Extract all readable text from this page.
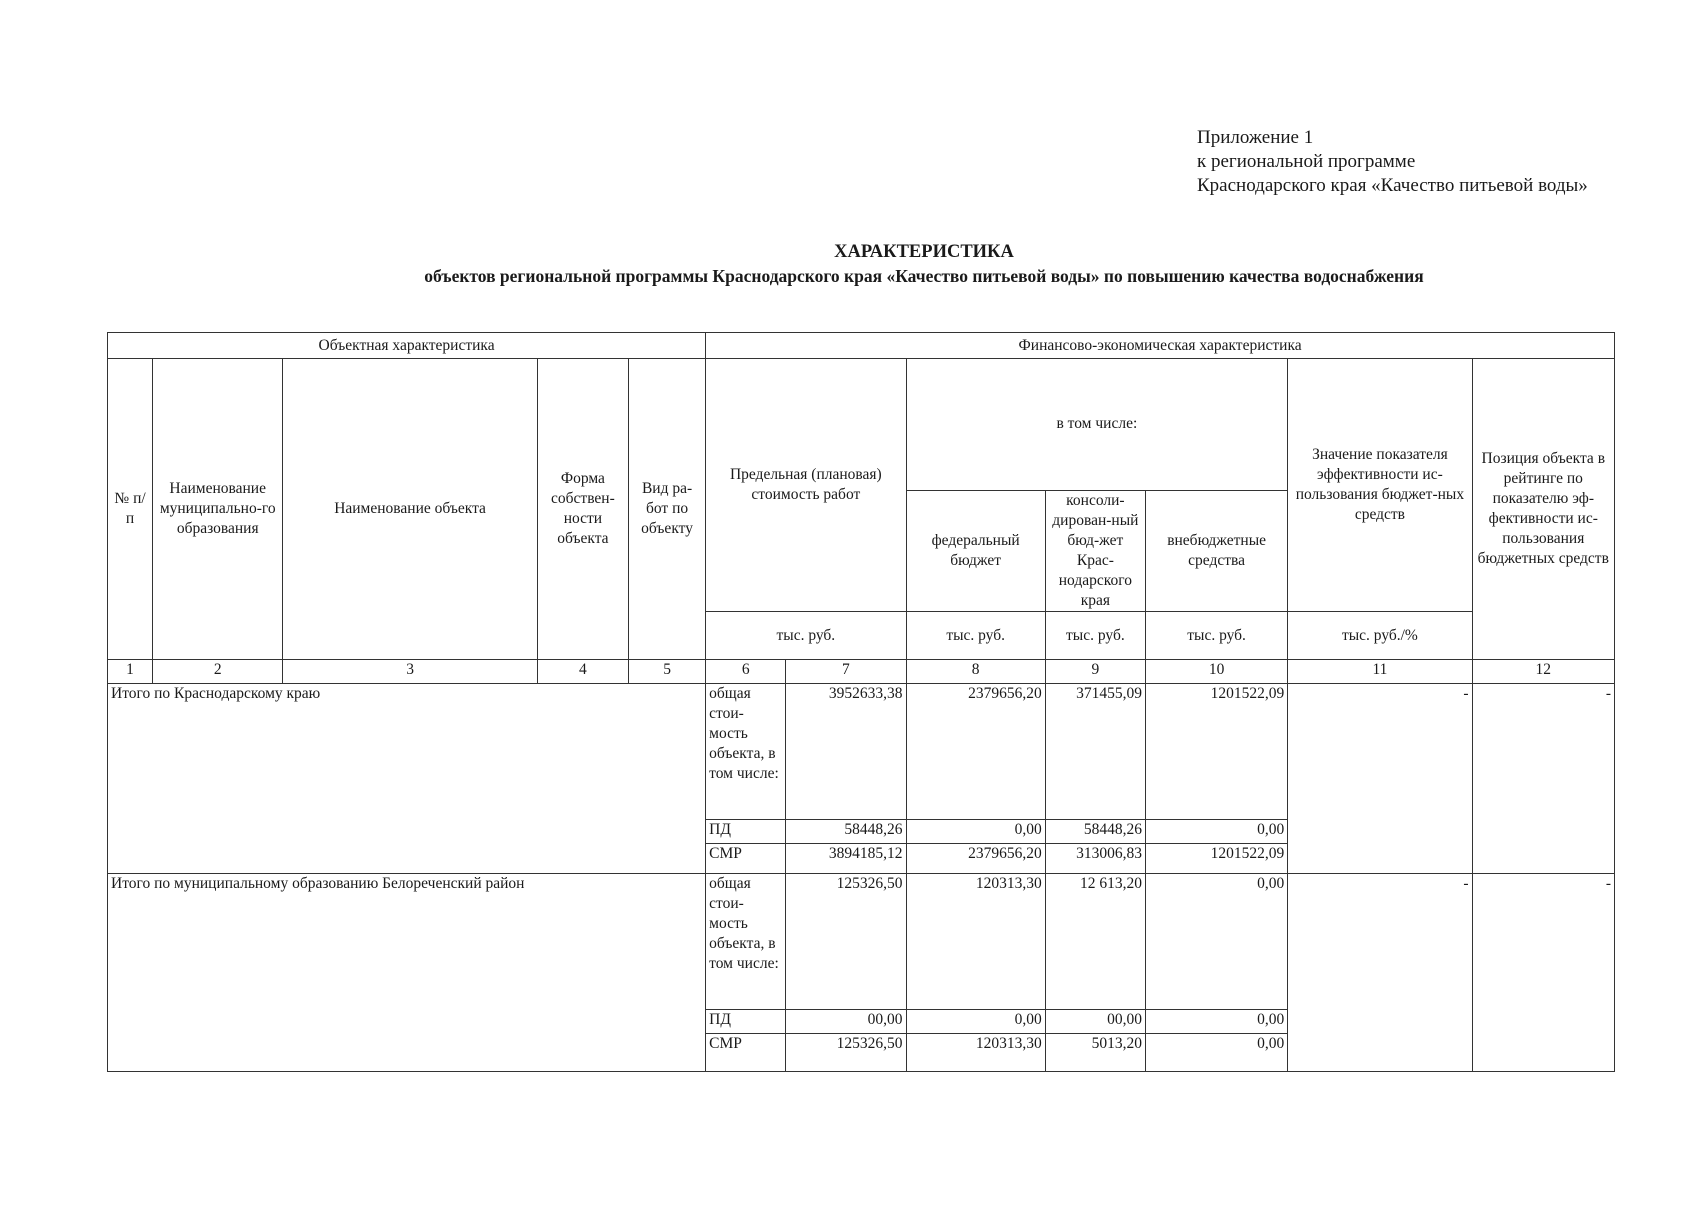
Приложение 1
к региональной программе
Краснодарского края «Качество питьевой воды»
ХАРАКТЕРИСТИКА
объектов региональной программы Краснодарского края «Качество питьевой воды» по повышению качества водоснабжения
Объектная характеристика					Финансово-экономическая характеристика						
№ п/п	Наименование муниципально-го образования	Наименование объекта	Форма собствен-ности объекта	Вид ра-бот по объекту	Предельная (плановая) стоимость работ		в том числе:			Значение показателя эффективности ис-пользования бюджет-ных средств	Позиция объекта в рейтинге по показателю эф-фективности ис-пользования бюджетных средств
							федеральный бюджет	консоли-дирован-ный бюд-жет Крас-нодарского края	внебюджетные средства		
					тыс. руб.		тыс. руб.	тыс. руб.	тыс. руб.	тыс. руб./%	
1	2	3	4	5	6	7	8	9	10	11	12
Итого по Краснодарскому краю					общая стои-мость объекта, в том числе:	3952633,38	2379656,20	371455,09	1201522,09	-	-
					ПД	58448,26	0,00	58448,26	0,00		
					СМР	3894185,12	2379656,20	313006,83	1201522,09		
Итого по муниципальному образованию Белореченский район					общая стои-мость объекта, в том числе:	125326,50	120313,30	12 613,20	0,00	-	-
					ПД	00,00	0,00	00,00	0,00		
					СМР	125326,50	120313,30	5013,20	0,00		
